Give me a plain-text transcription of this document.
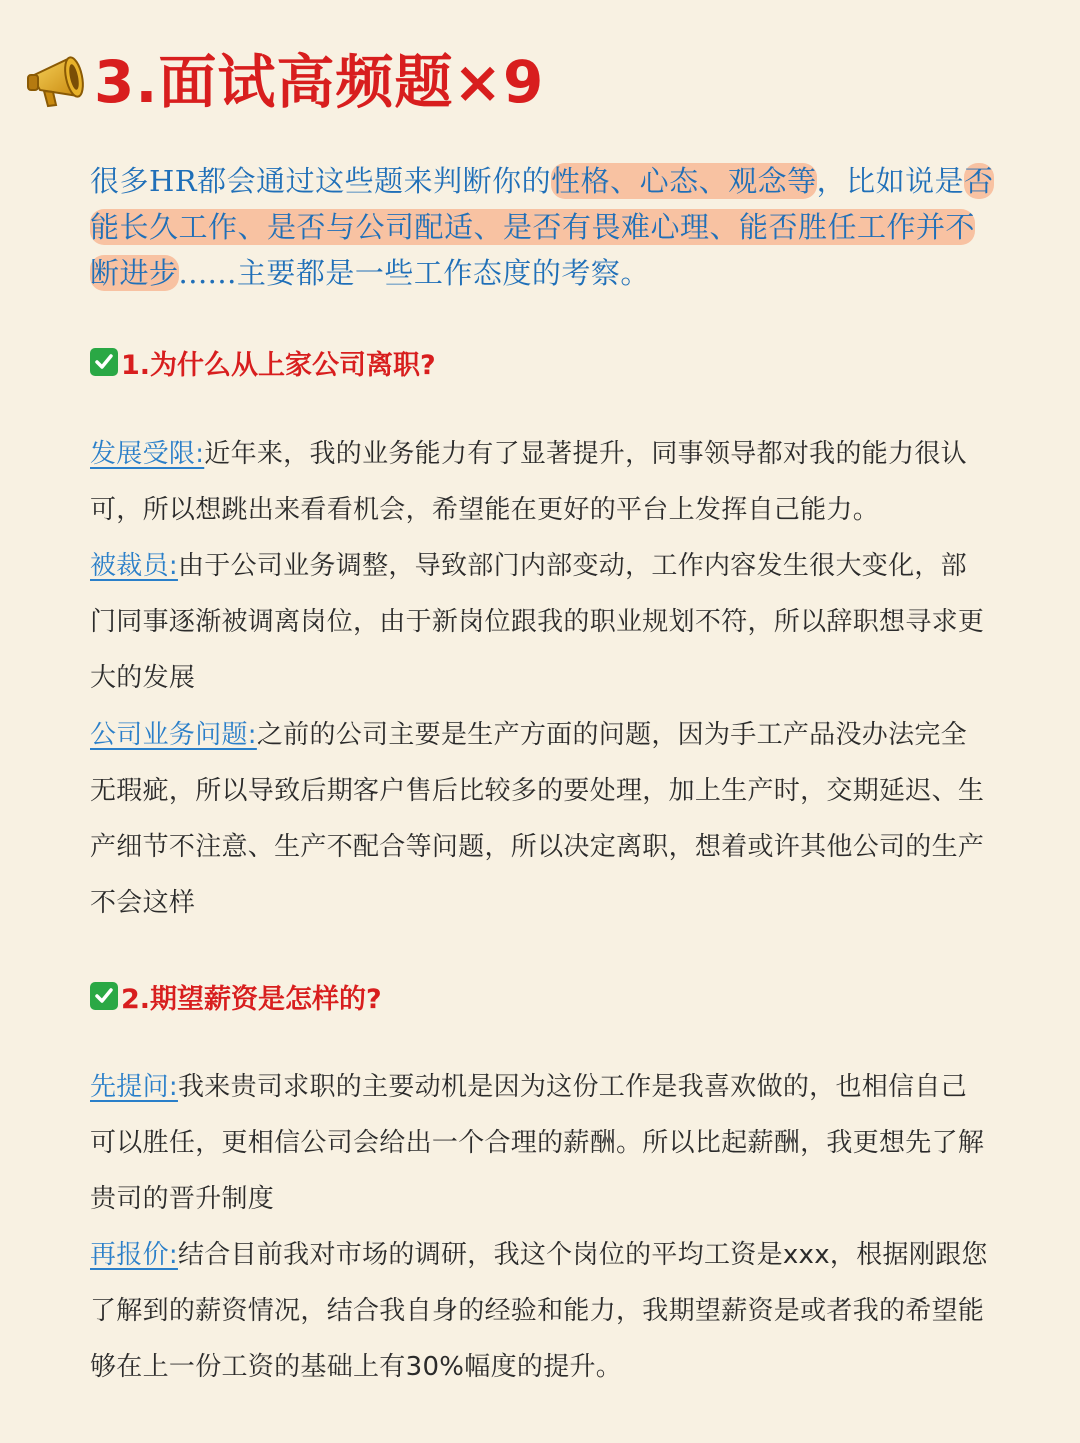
3.面试高频题×9
很多HR都会通过这些题来判断你的性格、心态、观念等，比如说是否能长久工作、是否与公司配适、是否有畏难心理、能否胜任工作并不断进步......主要都是一些工作态度的考察。
1.为什么从上家公司离职?
发展受限:近年来，我的业务能力有了显著提升，同事领导都对我的能力很认可，所以想跳出来看看机会，希望能在更好的平台上发挥自己能力。
被裁员:由于公司业务调整，导致部门内部变动，工作内容发生很大变化，部门同事逐渐被调离岗位，由于新岗位跟我的职业规划不符，所以辞职想寻求更大的发展
公司业务问题:之前的公司主要是生产方面的问题，因为手工产品没办法完全无瑕疵，所以导致后期客户售后比较多的要处理，加上生产时，交期延迟、生产细节不注意、生产不配合等问题，所以决定离职，想着或许其他公司的生产不会这样
2.期望薪资是怎样的?
先提问:我来贵司求职的主要动机是因为这份工作是我喜欢做的，也相信自己可以胜任，更相信公司会给出一个合理的薪酬。所以比起薪酬，我更想先了解贵司的晋升制度
再报价:结合目前我对市场的调研，我这个岗位的平均工资是xxx，根据刚跟您了解到的薪资情况，结合我自身的经验和能力，我期望薪资是或者我的希望能够在上一份工资的基础上有30%幅度的提升。
